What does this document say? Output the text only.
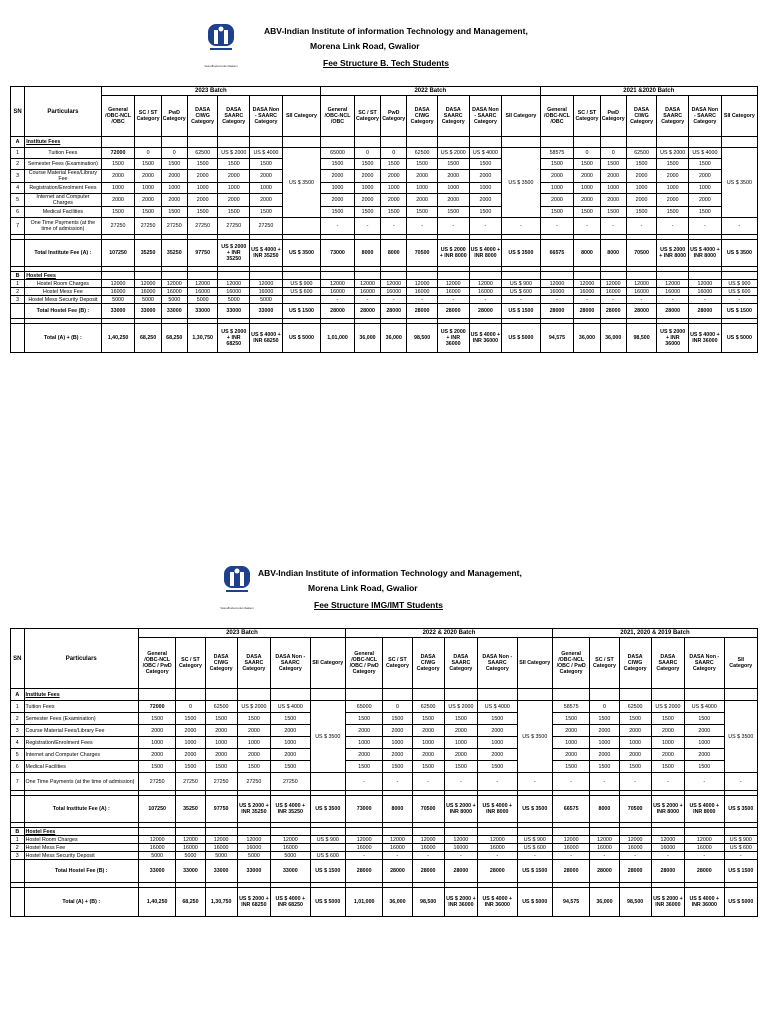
Vasudhaiva kutumbakam
ABV-Indian Institute of information Technology and Management,
Morena Link Road, Gwalior
Fee Structure B. Tech Students
SN	Particulars	2023 Batch							2022 Batch							2021 &2020 Batch						
		General /OBC-NCL /OBC	SC / ST Category	PwD Category	DASA CIWG Category	DASA SAARC Category	DASA Non - SAARC Category	SII Category	General /OBC-NCL /OBC	SC / ST Category	PwD Category	DASA CIWG Category	DASA SAARC Category	DASA Non - SAARC Category	SII Category	General /OBC-NCL /OBC	SC / ST Category	PwD Category	DASA CIWG Category	DASA SAARC Category	DASA Non - SAARC Category	SII Category
A	Institute Fees																					
1	Tuition Fees	72000	0	0	62500	US $ 2000	US $ 4000	US $ 3500	65000	0	0	62500	US $ 2000	US $ 4000	US $ 3500	58575	0	0	62500	US $ 2000	US $ 4000	US $ 3500
2	Semester Fees (Examination)	1500	1500	1500	1500	1500	1500		1500	1500	1500	1500	1500	1500		1500	1500	1500	1500	1500	1500	
3	Course Material Fees/Library Fee	2000	2000	2000	2000	2000	2000		2000	2000	2000	2000	2000	2000		2000	2000	2000	2000	2000	2000	
4	Registration/Enrolment Fees	1000	1000	1000	1000	1000	1000		1000	1000	1000	1000	1000	1000		1000	1000	1000	1000	1000	1000	
5	Internet and Computer Charges	2000	2000	2000	2000	2000	2000		2000	2000	2000	2000	2000	2000		2000	2000	2000	2000	2000	2000	
6	Medical Facilities	1500	1500	1500	1500	1500	1500		1500	1500	1500	1500	1500	1500		1500	1500	1500	1500	1500	1500	
7	One Time Payments (at the time of admission)	27250	27250	27250	27250	27250	27250		-	-	-	-	-	-	-	-	-	-	-	-	-	-

	Total Institute Fee (A) :	107250	35250	35250	97750	US $ 2000 + INR 35250	US $ 4000 + INR 35250	US $ 3500	73000	8000	8000	70500	US $ 2000 + INR 8000	US $ 4000 + INR 8000	US $ 3500	66575	8000	8000	70500	US $ 2000 + INR 8000	US $ 4000 + INR 8000	US $ 3500

B	Hostel Fees																					
1	Hostel Room Charges	12000	12000	12000	12000	12000	12000	US $ 900	12000	12000	12000	12000	12000	12000	US $ 900	12000	12000	12000	12000	12000	12000	US $ 900
2	Hostel Mess Fee	16000	16000	16000	16000	16000	16000	US $ 600	16000	16000	16000	16000	16000	16000	US $ 600	16000	16000	16000	16000	16000	16000	US $ 600
3	Hostel Mess Security Deposit	5000	5000	5000	5000	5000	5000		-	-	-	-	-	-	-	-	-	-	-	-	-	-
	Total Hostel Fee (B) :	33000	33000	33000	33000	33000	33000	US $ 1500	28000	28000	28000	28000	28000	28000	US $ 1500	28000	28000	28000	28000	28000	28000	US $ 1500

	Total (A) + (B) :	1,40,250	68,250	68,250	1,30,750	US $ 2000 + INR 68250	US $ 4000 + INR 68250	US $ 5000	1,01,000	36,000	36,000	98,500	US $ 2000 + INR 36000	US $ 4000 + INR 36000	US $ 5000	94,575	36,000	36,000	98,500	US $ 2000 + INR 36000	US $ 4000 + INR 36000	US $ 5000
Vasudhaiva kutumbakam
ABV-Indian Institute of information Technology and Management,
Morena Link Road, Gwalior
Fee Structure IMG/IMT Students
SN	Particulars	2023 Batch						2022 & 2020 Batch						2021, 2020 & 2019 Batch					
		General /OBC-NCL /OBC / PwD Category	SC / ST Category	DASA CIWG Category	DASA SAARC Category	DASA Non - SAARC Category	SII Category	General /OBC-NCL /OBC / PwD Category	SC / ST Category	DASA CIWG Category	DASA SAARC Category	DASA Non - SAARC Category	SII Category	General /OBC-NCL /OBC / PwD Category	SC / ST Category	DASA CIWG Category	DASA SAARC Category	DASA Non - SAARC Category	SII Category
A	Institute Fees																		
1	Tuition Fees	72000	0	62500	US $ 2000	US $ 4000	US $ 3500	65000	0	62500	US $ 2000	US $ 4000	US $ 3500	58575	0	62500	US $ 2000	US $ 4000	US $ 3500
2	Semester Fees (Examination)	1500	1500	1500	1500	1500		1500	1500	1500	1500	1500		1500	1500	1500	1500	1500	
3	Course Material Fees/Library Fee	2000	2000	2000	2000	2000		2000	2000	2000	2000	2000		2000	2000	2000	2000	2000	
4	Registration/Enrolment Fees	1000	1000	1000	1000	1000		1000	1000	1000	1000	1000		1000	1000	1000	1000	1000	
5	Internet and Computer Charges	2000	2000	2000	2000	2000		2000	2000	2000	2000	2000		2000	2000	2000	2000	2000	
6	Medical Facilities	1500	1500	1500	1500	1500		1500	1500	1500	1500	1500		1500	1500	1500	1500	1500	
7	One Time Payments (at the time of admission)	27250	27250	27250	27250	27250		-	-	-	-	-	-	-	-	-	-	-	-

	Total Institute Fee (A) :	107250	35250	97750	US $ 2000 + INR 35250	US $ 4000 + INR 35250	US $ 3500	73000	8000	70500	US $ 2000 + INR 8000	US $ 4000 + INR 8000	US $ 3500	66575	8000	70500	US $ 2000 + INR 8000	US $ 4000 + INR 8000	US $ 3500

B	Hostel Fees																		
1	Hostel Room Charges	12000	12000	12000	12000	12000	US $ 900	12000	12000	12000	12000	12000	US $ 900	12000	12000	12000	12000	12000	US $ 900
2	Hostel Mess Fee	16000	16000	16000	16000	16000		16000	16000	16000	16000	16000	US $ 600	16000	16000	16000	16000	16000	US $ 600
3	Hostel Mess Security Deposit	5000	5000	5000	5000	5000	US $ 600	-	-	-	-	-	-	-	-	-	-	-	-
	Total Hostel Fee (B) :	33000	33000	33000	33000	33000	US $ 1500	28000	28000	28000	28000	28000	US $ 1500	28000	28000	28000	28000	28000	US $ 1500

	Total (A) + (B) :	1,40,250	68,250	1,30,750	US $ 2000 + INR 68250	US $ 4000 + INR 68250	US $ 5000	1,01,000	36,000	98,500	US $ 2000 + INR 36000	US $ 4000 + INR 36000	US $ 5000	94,575	36,000	98,500	US $ 2000 + INR 36000	US $ 4000 + INR 36000	US $ 5000
